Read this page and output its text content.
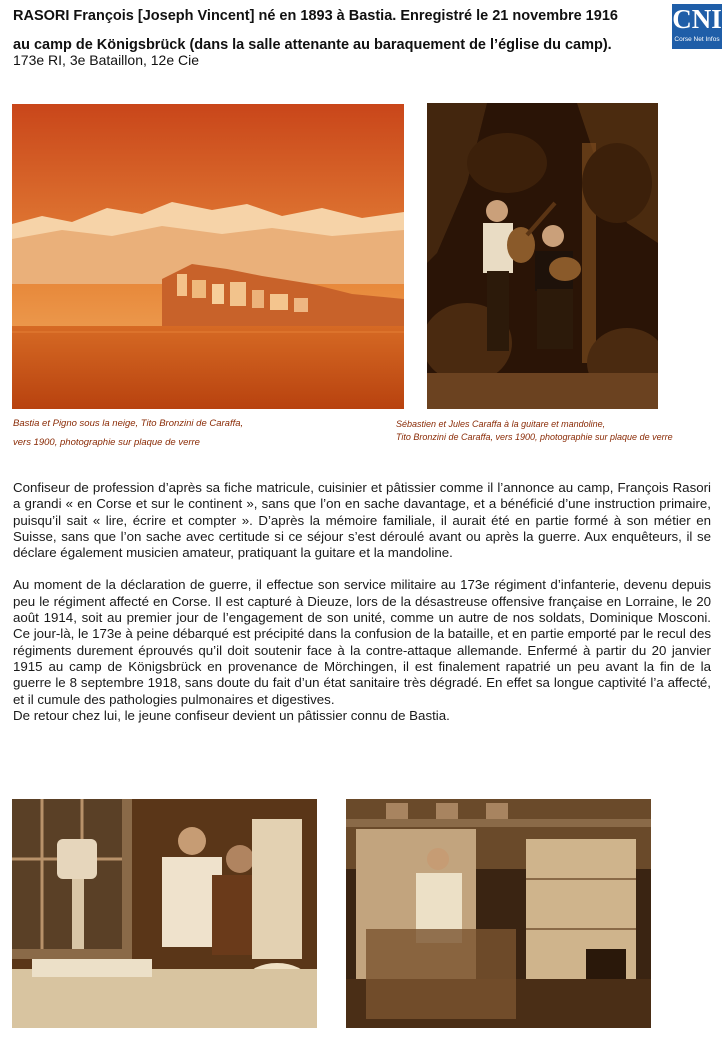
RASORI François [Joseph Vincent] né en 1893 à Bastia. Enregistré le 21 novembre 1916
au camp de Königsbrück (dans la salle attenante au baraquement de l’église du camp).
173e RI, 3e Bataillon, 12e Cie
CNI
Corse Net Infos
Bastia et Pigno sous la neige, Tito Bronzini de Caraffa,
vers 1900, photographie sur plaque de verre
Sébastien et Jules Caraffa à la guitare et mandoline,
Tito Bronzini de Caraffa, vers 1900, photographie sur plaque de verre

Confiseur de profession d’après sa fiche matricule, cuisinier et pâtissier comme il l’annonce au camp, François Rasori a grandi « en Corse et sur le continent », sans que l’on en sache davantage, et a bénéficié d’une instruction primaire, puisqu’il sait « lire, écrire et compter ». D’après la mémoire familiale, il aurait été en partie formé à son métier en Suisse, sans que l’on sache avec certitude si ce séjour s’est déroulé avant ou après la guerre. Aux enquêteurs, il se déclare également musicien amateur, pratiquant la guitare et la mandoline.

Au moment de la déclaration de guerre, il effectue son service militaire au 173e régiment d’infanterie, devenu depuis peu le régiment affecté en Corse. Il est capturé à Dieuze, lors de la désastreuse offensive française en Lorraine, le 20 août 1914, soit au premier jour de l’engagement de son unité, comme un autre de nos soldats, Dominique Mosconi. Ce jour-là, le 173e à peine débarqué est précipité dans la confusion de la bataille, et en partie emporté par le recul des régiments durement éprouvés qu’il doit soutenir face à la contre-attaque allemande. Enfermé à partir du 20 janvier 1915 au camp de Königsbrück en provenance de Mörchingen, il est finalement rapatrié un peu avant la fin de la guerre le 8 septembre 1918, sans doute du fait d’un état sanitaire très dégradé. En effet sa longue captivité l’a affecté, et il cumule des pathologies pulmonaires et digestives.

De retour chez lui, le jeune confiseur devient un pâtissier connu de Bastia.
